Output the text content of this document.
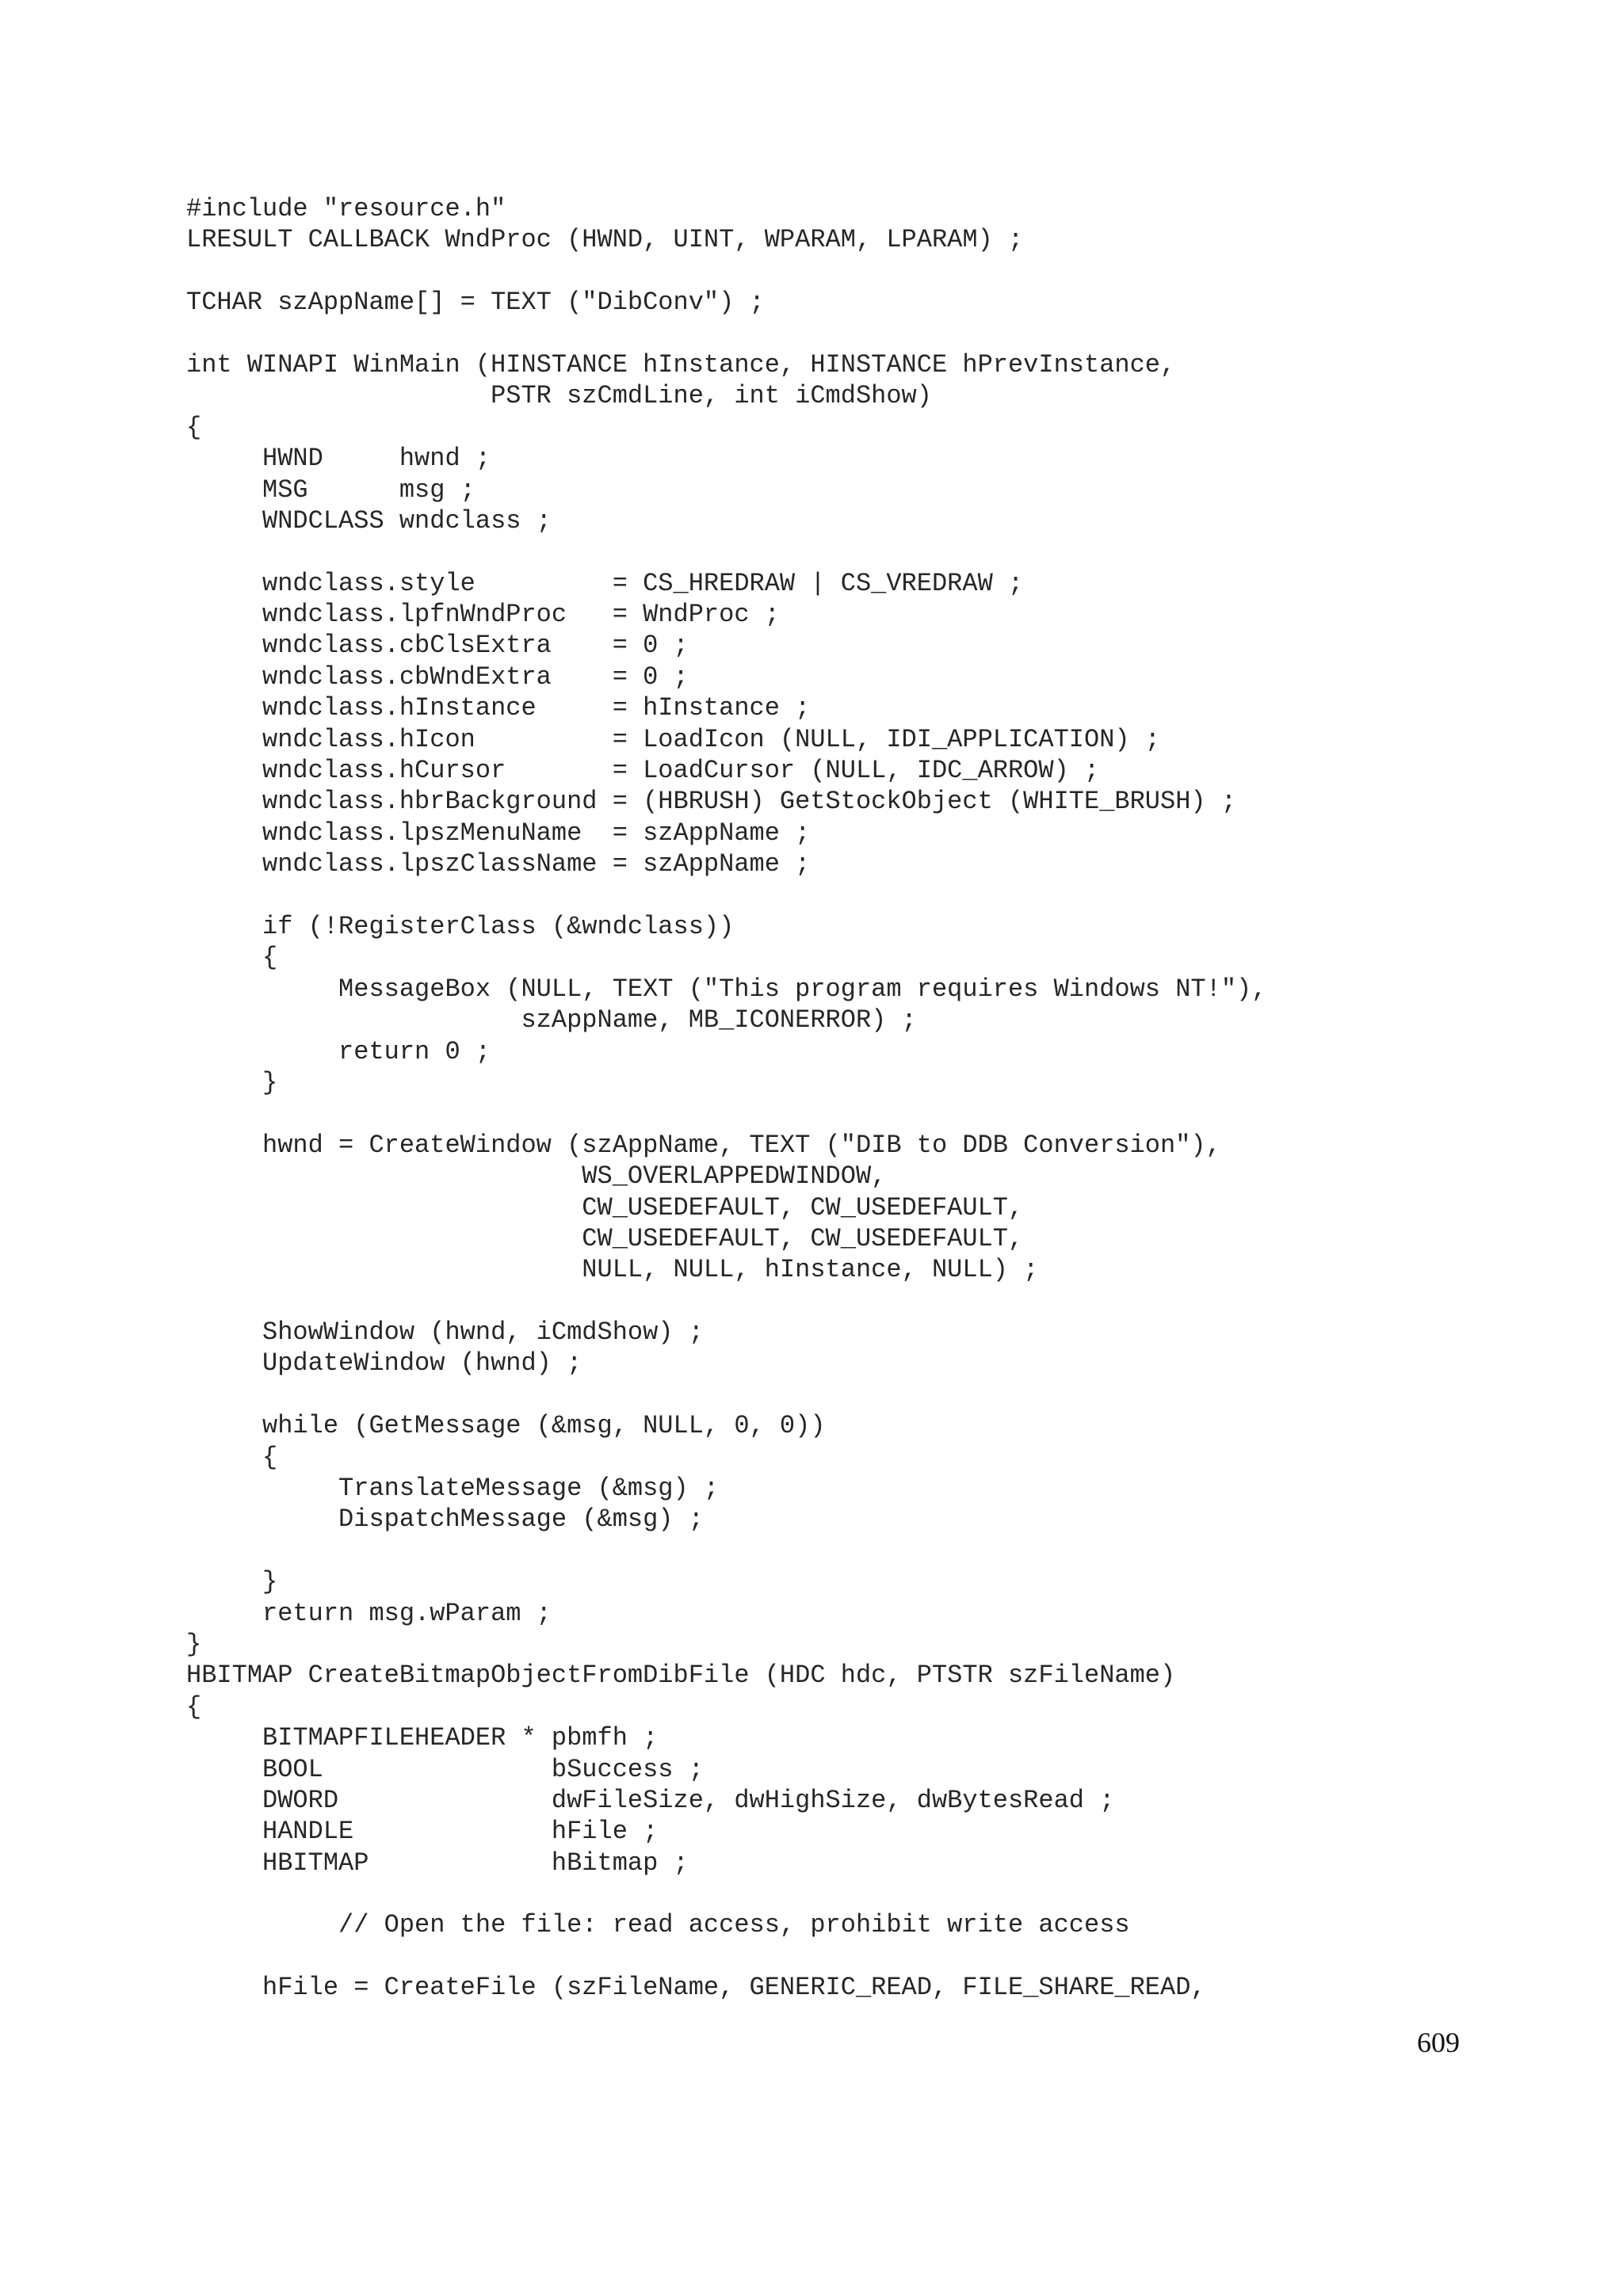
#include "resource.h"
LRESULT CALLBACK WndProc (HWND, UINT, WPARAM, LPARAM) ;
TCHAR szAppName[] = TEXT ("DibConv") ;
int WINAPI WinMain (HINSTANCE hInstance, HINSTANCE hPrevInstance,
PSTR szCmdLine, int iCmdShow)
{
HWND     hwnd ;
MSG      msg ;
WNDCLASS wndclass ;
wndclass.style         = CS_HREDRAW | CS_VREDRAW ;
wndclass.lpfnWndProc   = WndProc ;
wndclass.cbClsExtra    = 0 ;
wndclass.cbWndExtra    = 0 ;
wndclass.hInstance     = hInstance ;
wndclass.hIcon         = LoadIcon (NULL, IDI_APPLICATION) ;
wndclass.hCursor       = LoadCursor (NULL, IDC_ARROW) ;
wndclass.hbrBackground = (HBRUSH) GetStockObject (WHITE_BRUSH) ;
wndclass.lpszMenuName  = szAppName ;
wndclass.lpszClassName = szAppName ;
if (!RegisterClass (&wndclass))
{
MessageBox (NULL, TEXT ("This program requires Windows NT!"),
szAppName, MB_ICONERROR) ;
return 0 ;
}
hwnd = CreateWindow (szAppName, TEXT ("DIB to DDB Conversion"),
WS_OVERLAPPEDWINDOW,
CW_USEDEFAULT, CW_USEDEFAULT,
CW_USEDEFAULT, CW_USEDEFAULT,
NULL, NULL, hInstance, NULL) ;
ShowWindow (hwnd, iCmdShow) ;
UpdateWindow (hwnd) ;
while (GetMessage (&msg, NULL, 0, 0))
{
TranslateMessage (&msg) ;
DispatchMessage (&msg) ;
}
return msg.wParam ;
}
HBITMAP CreateBitmapObjectFromDibFile (HDC hdc, PTSTR szFileName)
{
BITMAPFILEHEADER * pbmfh ;
BOOL               bSuccess ;
DWORD              dwFileSize, dwHighSize, dwBytesRead ;
HANDLE             hFile ;
HBITMAP            hBitmap ;
// Open the file: read access, prohibit write access
hFile = CreateFile (szFileName, GENERIC_READ, FILE_SHARE_READ,
609
